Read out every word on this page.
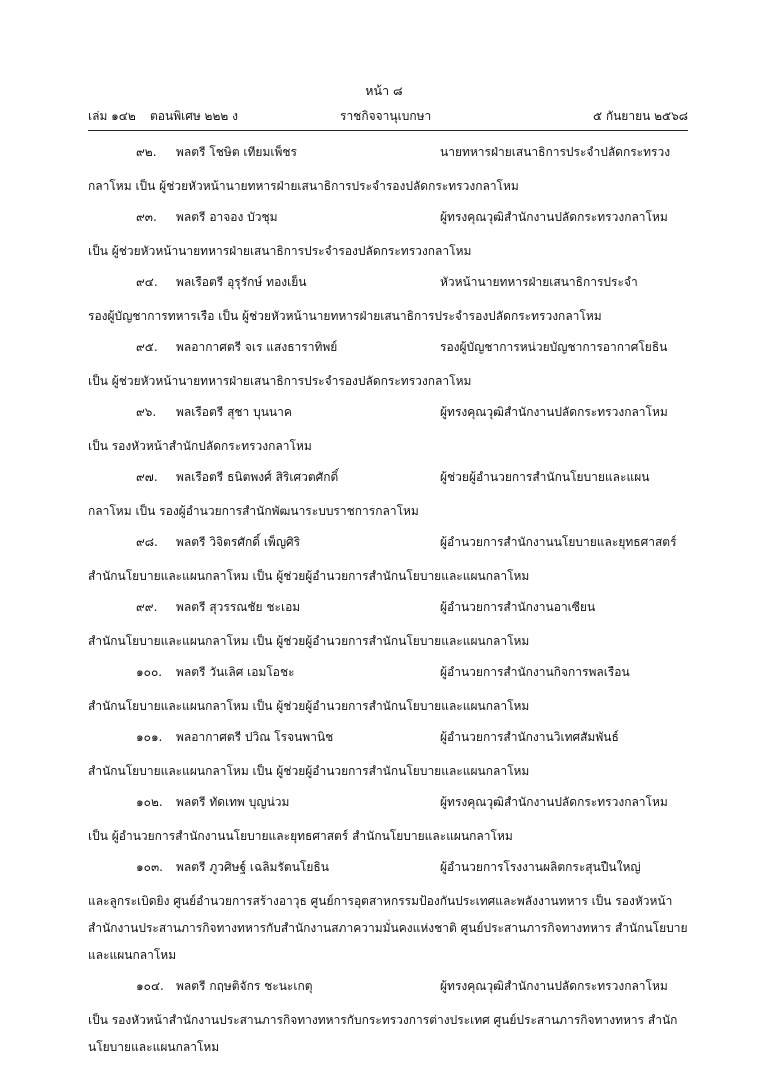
หน้า ๘
เล่ม ๑๔๒ ตอนพิเศษ ๒๒๒ ง	ราชกิจจานุเบกษา	๕ กันยายน ๒๕๖๘
๙๒. พลตรี โชษิต เทียมเพ็ชร	นายทหารฝ่ายเสนาธิการประจำปลัดกระทรวง
กลาโหม เป็น ผู้ช่วยหัวหน้านายทหารฝ่ายเสนาธิการประจำรองปลัดกระทรวงกลาโหม
๙๓. พลตรี อาจอง บัวชุม	ผู้ทรงคุณวุฒิสำนักงานปลัดกระทรวงกลาโหม
เป็น ผู้ช่วยหัวหน้านายทหารฝ่ายเสนาธิการประจำรองปลัดกระทรวงกลาโหม
๙๔. พลเรือตรี อุรุรักษ์ ทองเย็น	หัวหน้านายทหารฝ่ายเสนาธิการประจำ
รองผู้บัญชาการทหารเรือ เป็น ผู้ช่วยหัวหน้านายทหารฝ่ายเสนาธิการประจำรองปลัดกระทรวงกลาโหม
๙๕. พลอากาศตรี จเร แสงธาราทิพย์	รองผู้บัญชาการหน่วยบัญชาการอากาศโยธิน
เป็น ผู้ช่วยหัวหน้านายทหารฝ่ายเสนาธิการประจำรองปลัดกระทรวงกลาโหม
๙๖. พลเรือตรี สุชา บุนนาค	ผู้ทรงคุณวุฒิสำนักงานปลัดกระทรวงกลาโหม
เป็น รองหัวหน้าสำนักปลัดกระทรวงกลาโหม
๙๗. พลเรือตรี ธนิตพงศ์ สิริเศวตศักดิ์	ผู้ช่วยผู้อำนวยการสำนักนโยบายและแผน
กลาโหม เป็น รองผู้อำนวยการสำนักพัฒนาระบบราชการกลาโหม
๙๘. พลตรี วิจิตรศักดิ์ เพ็ญศิริ	ผู้อำนวยการสำนักงานนโยบายและยุทธศาสตร์
สำนักนโยบายและแผนกลาโหม เป็น ผู้ช่วยผู้อำนวยการสำนักนโยบายและแผนกลาโหม
๙๙. พลตรี สุวรรณชัย ชะเอม	ผู้อำนวยการสำนักงานอาเซียน
สำนักนโยบายและแผนกลาโหม เป็น ผู้ช่วยผู้อำนวยการสำนักนโยบายและแผนกลาโหม
๑๐๐. พลตรี วันเลิศ เอมโอชะ	ผู้อำนวยการสำนักงานกิจการพลเรือน
สำนักนโยบายและแผนกลาโหม เป็น ผู้ช่วยผู้อำนวยการสำนักนโยบายและแผนกลาโหม
๑๐๑. พลอากาศตรี ปวิณ โรจนพานิช	ผู้อำนวยการสำนักงานวิเทศสัมพันธ์
สำนักนโยบายและแผนกลาโหม เป็น ผู้ช่วยผู้อำนวยการสำนักนโยบายและแผนกลาโหม
๑๐๒. พลตรี ทัดเทพ บุญน่วม	ผู้ทรงคุณวุฒิสำนักงานปลัดกระทรวงกลาโหม
เป็น ผู้อำนวยการสำนักงานนโยบายและยุทธศาสตร์ สำนักนโยบายและแผนกลาโหม
๑๐๓. พลตรี ภูวศิษฐ์ เฉลิมรัตนโยธิน	ผู้อำนวยการโรงงานผลิตกระสุนปืนใหญ่
และลูกระเบิดยิง ศูนย์อำนวยการสร้างอาวุธ ศูนย์การอุตสาหกรรมป้องกันประเทศและพลังงานทหาร เป็น รองหัวหน้าสำนักงานประสานภารกิจทางทหารกับสำนักงานสภาความมั่นคงแห่งชาติ ศูนย์ประสานภารกิจทางทหาร สำนักนโยบายและแผนกลาโหม
๑๐๔. พลตรี กฤษติจักร ชะนะเกตุ	ผู้ทรงคุณวุฒิสำนักงานปลัดกระทรวงกลาโหม
เป็น รองหัวหน้าสำนักงานประสานภารกิจทางทหารกับกระทรวงการต่างประเทศ ศูนย์ประสานภารกิจทางทหาร สำนักนโยบายและแผนกลาโหม
